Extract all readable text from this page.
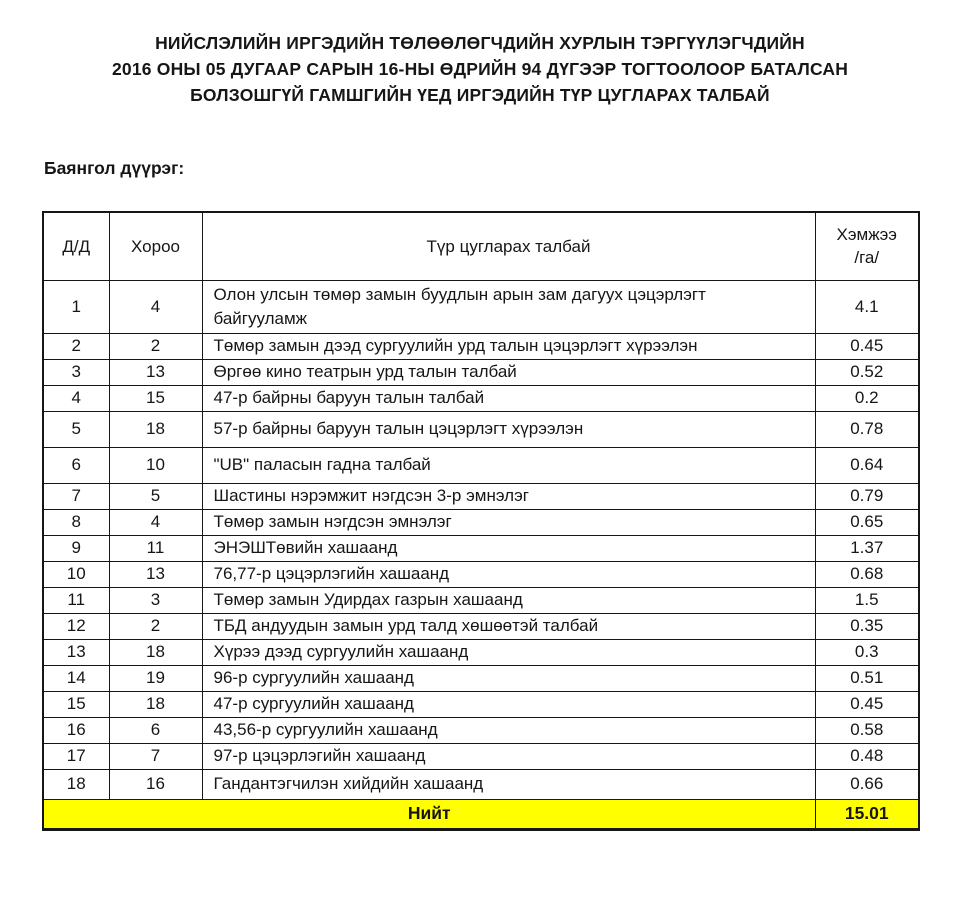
НИЙСЛЭЛИЙН ИРГЭДИЙН ТӨЛӨӨЛӨГЧДИЙН ХУРЛЫН ТЭРГҮҮЛЭГЧДИЙН
2016 ОНЫ 05 ДУГААР САРЫН 16-НЫ ӨДРИЙН 94 ДҮГЭЭР ТОГТООЛООР БАТАЛСАН
БОЛЗОШГҮЙ ГАМШГИЙН ҮЕД ИРГЭДИЙН ТҮР ЦУГЛАРАХ ТАЛБАЙ
Баянгол дүүрэг:
Д/Д	Хороо	Түр цугларах талбай	Хэмжээ
/га/
1	4	Олон улсын төмөр замын буудлын арын зам дагуух цэцэрлэгт байгууламж	4.1
2	2	Төмөр замын дээд сургуулийн урд талын цэцэрлэгт хүрээлэн	0.45
3	13	Өргөө кино театрын урд талын талбай	0.52
4	15	47-р байрны баруун талын талбай	0.2
5	18	57-р байрны баруун талын цэцэрлэгт хүрээлэн	0.78
6	10	"UB" паласын гадна талбай	0.64
7	5	Шастины нэрэмжит нэгдсэн 3-р эмнэлэг	0.79
8	4	Төмөр замын нэгдсэн эмнэлэг	0.65
9	11	ЭНЭШТөвийн хашаанд	1.37
10	13	76,77-р цэцэрлэгийн хашаанд	0.68
11	3	Төмөр замын Удирдах газрын хашаанд	1.5
12	2	ТБД андуудын замын урд талд хөшөөтэй талбай	0.35
13	18	Хүрээ дээд сургуулийн хашаанд	0.3
14	19	96-р сургуулийн хашаанд	0.51
15	18	47-р сургуулийн хашаанд	0.45
16	6	43,56-р сургуулийн хашаанд	0.58
17	7	97-р цэцэрлэгийн хашаанд	0.48
18	16	Гандантэгчилэн хийдийн хашаанд	0.66
Нийт			15.01
